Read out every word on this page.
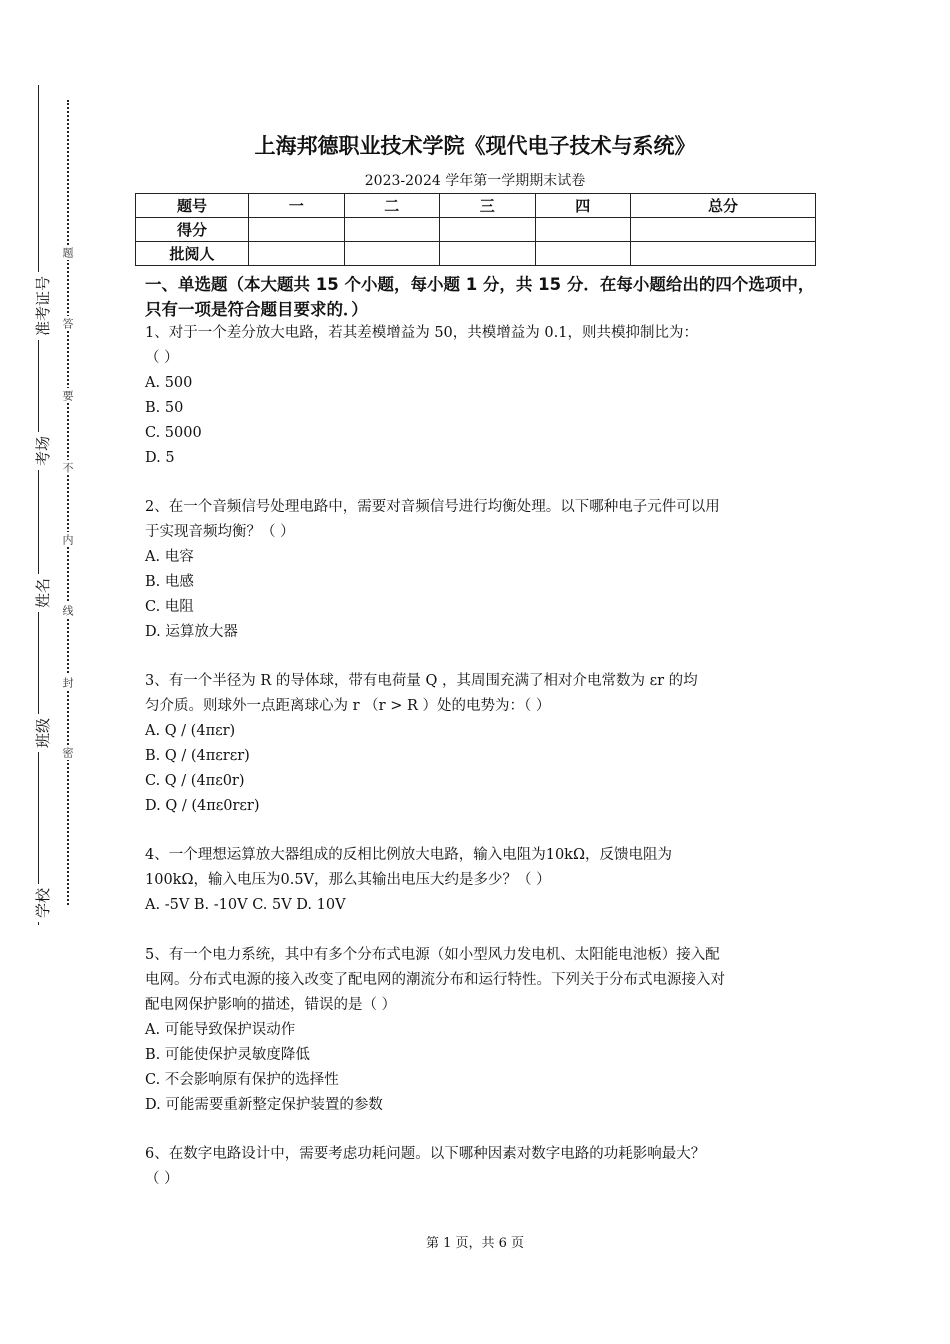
学校
班级
姓名
考场
准考证号
密
封
线
内
不
要
答
题
上海邦德职业技术学院《现代电子技术与系统》
2023-2024 学年第一学期期末试卷
题号	一	二	三	四	总分
得分					
批阅人					
一、单选题（本大题共 15 个小题，每小题 1 分，共 15 分．在每小题给出的四个选项中，只有一项是符合题目要求的．）
1、对于一个差分放大电路，若其差模增益为 50，共模增益为 0.1，则共模抑制比为：
（ ）
A. 500
B. 50
C. 5000
D. 5
2、在一个音频信号处理电路中，需要对音频信号进行均衡处理。以下哪种电子元件可以用
于实现音频均衡？（ ）
A. 电容
B. 电感
C. 电阻
D. 运算放大器
3、有一个半径为 R 的导体球，带有电荷量 Q ，其周围充满了相对介电常数为 εr 的均
匀介质。则球外一点距离球心为 r （r > R ）处的电势为：（ ）
A. Q / (4πεr)
B. Q / (4πεrεr)
C. Q / (4πε0r)
D. Q / (4πε0rεr)
4、一个理想运算放大器组成的反相比例放大电路，输入电阻为10kΩ，反馈电阻为
100kΩ，输入电压为0.5V，那么其输出电压大约是多少？（ ）
A. -5V B. -10V C. 5V D. 10V
5、有一个电力系统，其中有多个分布式电源（如小型风力发电机、太阳能电池板）接入配
电网。分布式电源的接入改变了配电网的潮流分布和运行特性。下列关于分布式电源接入对
配电网保护影响的描述，错误的是（ ）
A. 可能导致保护误动作
B. 可能使保护灵敏度降低
C. 不会影响原有保护的选择性
D. 可能需要重新整定保护装置的参数
6、在数字电路设计中，需要考虑功耗问题。以下哪种因素对数字电路的功耗影响最大？
（ ）
第 1 页，共 6 页
